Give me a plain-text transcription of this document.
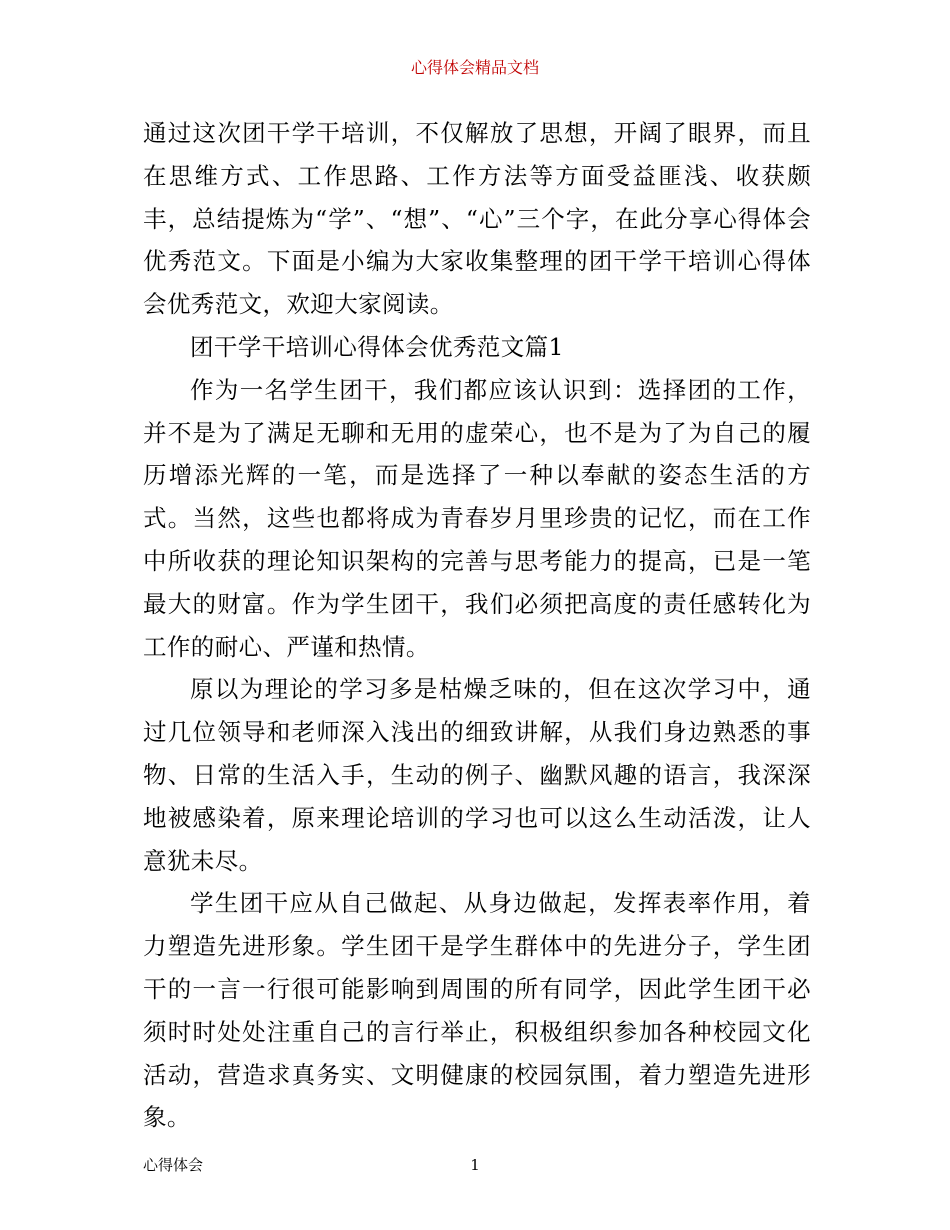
心得体会精品文档

通过这次团干学干培训，不仅解放了思想，开阔了眼界，而且在思维方式、工作思路、工作方法等方面受益匪浅、收获颇丰，总结提炼为“学”、“想”、“心”三个字，在此分享心得体会优秀范文。下面是小编为大家收集整理的团干学干培训心得体会优秀范文，欢迎大家阅读。

团干学干培训心得体会优秀范文篇1

作为一名学生团干，我们都应该认识到：选择团的工作，并不是为了满足无聊和无用的虚荣心，也不是为了为自己的履历增添光辉的一笔，而是选择了一种以奉献的姿态生活的方式。当然，这些也都将成为青春岁月里珍贵的记忆，而在工作中所收获的理论知识架构的完善与思考能力的提高，已是一笔最大的财富。作为学生团干，我们必须把高度的责任感转化为工作的耐心、严谨和热情。

原以为理论的学习多是枯燥乏味的，但在这次学习中，通过几位领导和老师深入浅出的细致讲解，从我们身边熟悉的事物、日常的生活入手，生动的例子、幽默风趣的语言，我深深地被感染着，原来理论培训的学习也可以这么生动活泼，让人意犹未尽。

学生团干应从自己做起、从身边做起，发挥表率作用，着力塑造先进形象。学生团干是学生群体中的先进分子，学生团干的一言一行很可能影响到周围的所有同学，因此学生团干必须时时处处注重自己的言行举止，积极组织参加各种校园文化活动，营造求真务实、文明健康的校园氛围，着力塑造先进形象。

1
心得体会
